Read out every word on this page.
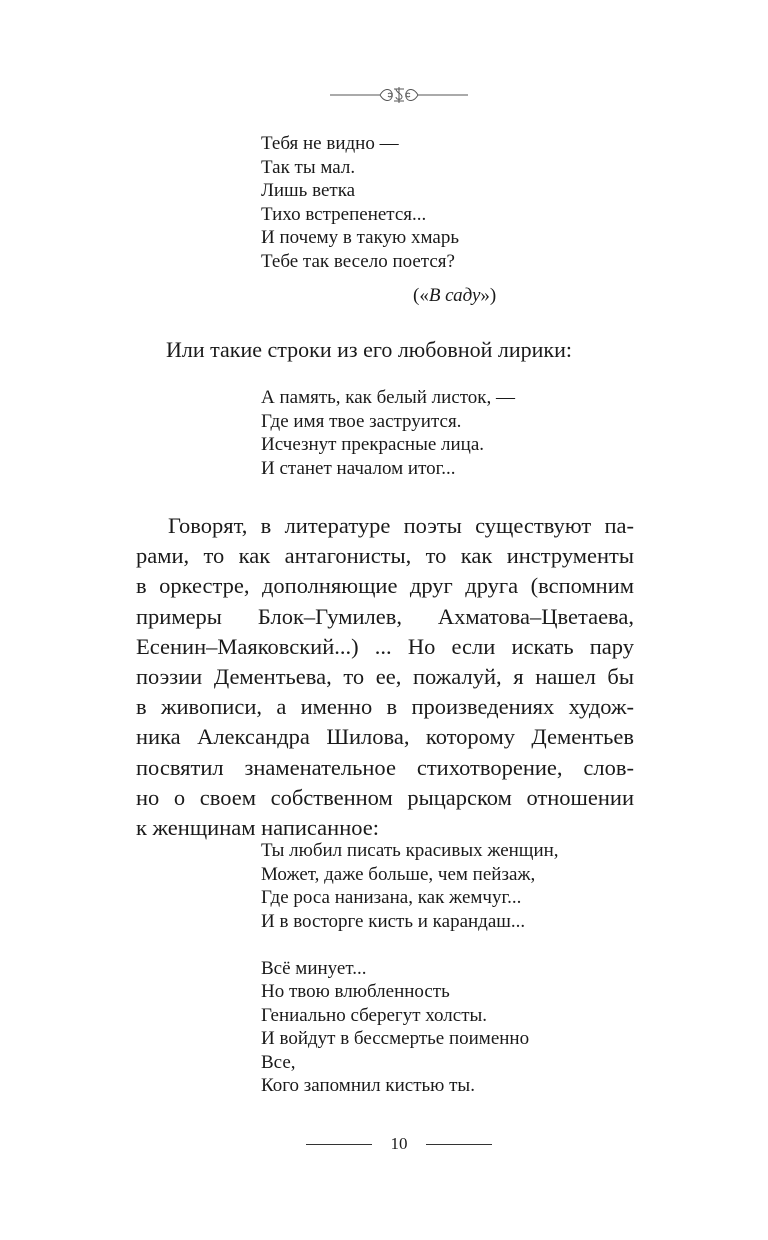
Тебя не видно —
Так ты мал.
Лишь ветка
Тихо встрепенется...
И почему в такую хмарь
Тебе так весело поется?
(«В саду»)
Или такие строки из его любовной лирики:
А память, как белый листок, —
Где имя твое заструится.
Исчезнут прекрасные лица.
И станет началом итог...
Говорят, в литературе поэты существуют па-
рами, то как антагонисты, то как инструменты
в оркестре, дополняющие друг друга (вспомним
примеры Блок–Гумилев, Ахматова–Цветаева,
Есенин–Маяковский...) ... Но если искать пару
поэзии Дементьева, то ее, пожалуй, я нашел бы
в живописи, а именно в произведениях худож-
ника Александра Шилова, которому Дементьев
посвятил знаменательное стихотворение, слов-
но о своем собственном рыцарском отношении
к женщинам написанное:
Ты любил писать красивых женщин,
Может, даже больше, чем пейзаж,
Где роса нанизана, как жемчуг...
И в восторге кисть и карандаш...
Всё минует...
Но твою влюбленность
Гениально сберегут холсты.
И войдут в бессмертье поименно
Все,
Кого запомнил кистью ты.
10
